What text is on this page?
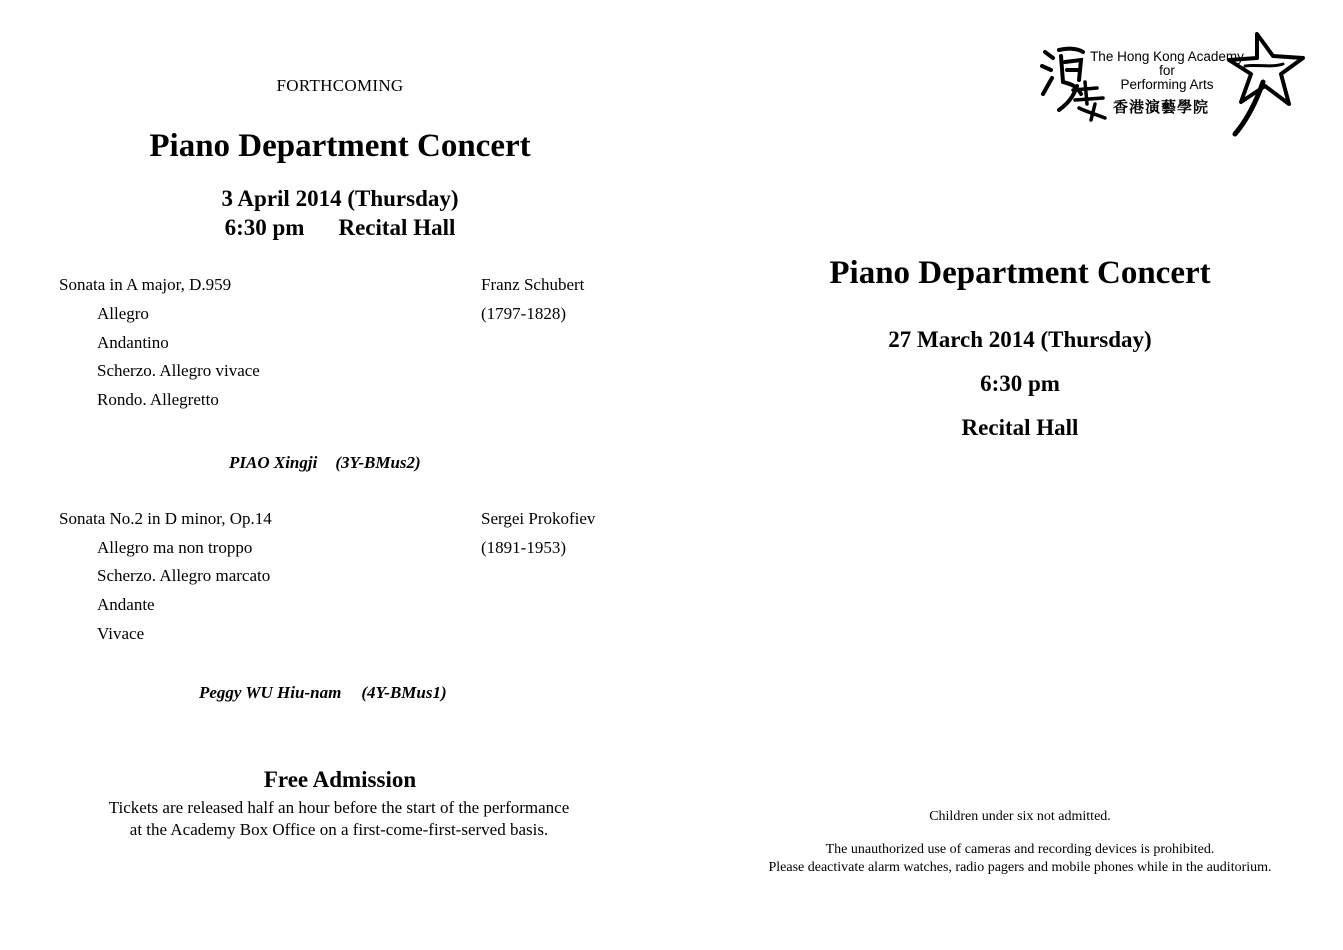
FORTHCOMING
Piano Department Concert
3 April 2014 (Thursday)
6:30 pm Recital Hall
Sonata in A major, D.959	Franz Schubert
(1797-1828)
Allegro
Andantino
Scherzo. Allegro vivace
Rondo. Allegretto
PIAO Xingji (3Y-BMus2)
Sonata No.2 in D minor, Op.14	Sergei Prokofiev
(1891-1953)
Allegro ma non troppo
Scherzo. Allegro marcato
Andante
Vivace
Peggy WU Hiu-nam (4Y-BMus1)
Free Admission
Tickets are released half an hour before the start of the performance
at the Academy Box Office on a first-come-first-served basis.
The Hong Kong Academy
for
Performing Arts
香港演藝學院
Piano Department Concert
27 March 2014 (Thursday)
6:30 pm
Recital Hall
Children under six not admitted.
The unauthorized use of cameras and recording devices is prohibited.
Please deactivate alarm watches, radio pagers and mobile phones while in the auditorium.
